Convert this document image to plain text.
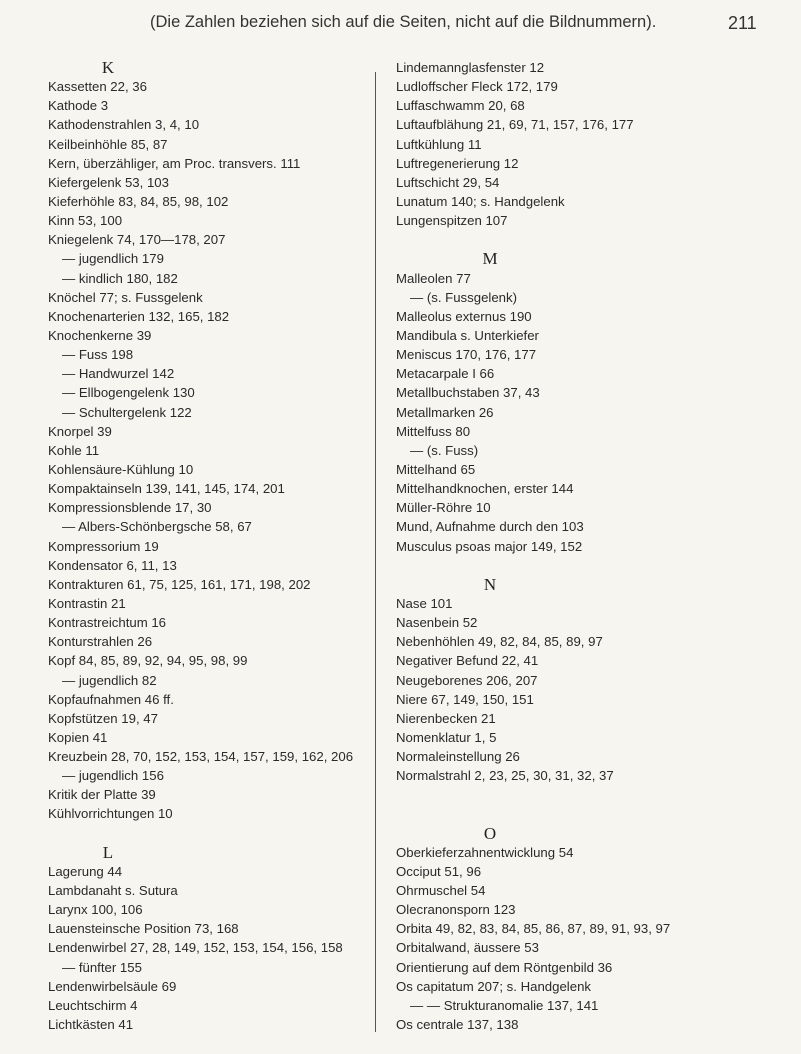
(Die Zahlen beziehen sich auf die Seiten, nicht auf die Bildnummern).	211
K
Kassetten 22, 36
Kathode 3
Kathodenstrahlen 3, 4, 10
Keilbeinhöhle 85, 87
Kern, überzähliger, am Proc. transvers. 111
Kiefergelenk 53, 103
Kieferhöhle 83, 84, 85, 98, 102
Kinn 53, 100
Kniegelenk 74, 170—178, 207
— jugendlich 179
— kindlich 180, 182
Knöchel 77; s. Fussgelenk
Knochenarterien 132, 165, 182
Knochenkerne 39
— Fuss 198
— Handwurzel 142
— Ellbogengelenk 130
— Schultergelenk 122
Knorpel 39
Kohle 11
Kohlensäure-Kühlung 10
Kompaktainseln 139, 141, 145, 174, 201
Kompressionsblende 17, 30
— Albers-Schönbergsche 58, 67
Kompressorium 19
Kondensator 6, 11, 13
Kontrakturen 61, 75, 125, 161, 171, 198, 202
Kontrastin 21
Kontrastreichtum 16
Konturstrahlen 26
Kopf 84, 85, 89, 92, 94, 95, 98, 99
— jugendlich 82
Kopfaufnahmen 46 ff.
Kopfstützen 19, 47
Kopien 41
Kreuzbein 28, 70, 152, 153, 154, 157, 159, 162, 206
— jugendlich 156
Kritik der Platte 39
Kühlvorrichtungen 10
L
Lagerung 44
Lambdanaht s. Sutura
Larynx 100, 106
Lauensteinsche Position 73, 168
Lendenwirbel 27, 28, 149, 152, 153, 154, 156, 158
— fünfter 155
Lendenwirbelsäule 69
Leuchtschirm 4
Lichtkästen 41
Lindemannglasfenster 12
Ludloffscher Fleck 172, 179
Luffaschwamm 20, 68
Luftaufblähung 21, 69, 71, 157, 176, 177
Luftkühlung 11
Luftregenerierung 12
Luftschicht 29, 54
Lunatum 140; s. Handgelenk
Lungenspitzen 107
M
Malleolen 77
— (s. Fussgelenk)
Malleolus externus 190
Mandibula s. Unterkiefer
Meniscus 170, 176, 177
Metacarpale I 66
Metallbuchstaben 37, 43
Metallmarken 26
Mittelfuss 80
— (s. Fuss)
Mittelhand 65
Mittelhandknochen, erster 144
Müller-Röhre 10
Mund, Aufnahme durch den 103
Musculus psoas major 149, 152
N
Nase 101
Nasenbein 52
Nebenhöhlen 49, 82, 84, 85, 89, 97
Negativer Befund 22, 41
Neugeborenes 206, 207
Niere 67, 149, 150, 151
Nierenbecken 21
Nomenklatur 1, 5
Normaleinstellung 26
Normalstrahl 2, 23, 25, 30, 31, 32, 37
O
Oberkieferzahnentwicklung 54
Occiput 51, 96
Ohrmuschel 54
Olecranonsporn 123
Orbita 49, 82, 83, 84, 85, 86, 87, 89, 91, 93, 97
Orbitalwand, äussere 53
Orientierung auf dem Röntgenbild 36
Os capitatum 207; s. Handgelenk
— — Strukturanomalie 137, 141
Os centrale 137, 138
